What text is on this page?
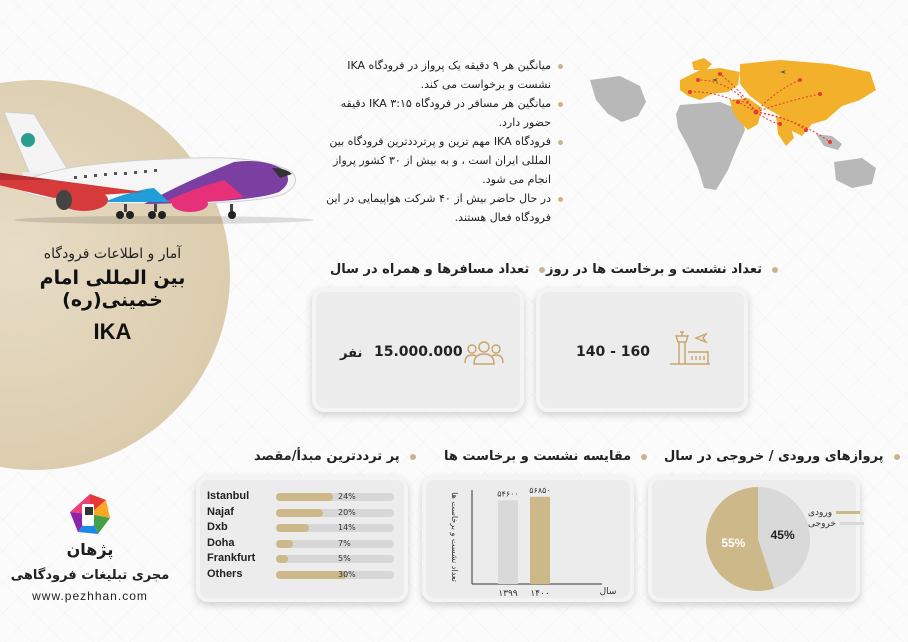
آمار و اطلاعات فرودگاه
بین المللی امام خمینی(ره)
IKA
میانگین هر ۹ دقیقه یک پرواز در فرودگاه IKA نشست و برخواست می کند.
میانگین هر مسافر در فرودگاه IKA ۳:۱۵ دقیقه حضور دارد.
فرودگاه IKA مهم ترین و پرترددترین فرودگاه بین المللی ایران است ، و به بیش از ۳۰ کشور پرواز انجام می شود.
در حال حاضر بیش از ۴۰ شرکت هواپیمایی در این فرودگاه فعال هستند.
تعداد نشست و برخاست ها در روز
140 - 160
تعداد مسافرها و همراه در سال
نفر 15.000.000
پروازهای ورودی / خروجی در سال
45%
55%
ورودی
خروجی
مقایسه نشست و برخاست ها
تعداد نشست و برخاست ها
سال
۵۴۶۰۰
۱۳۹۹
۵۶۸۵۰
۱۴۰۰
پر ترددترین مبدأ/مقصد
Istanbul	24%
Najaf	20%
Dxb	14%
Doha	7%
Frankfurt	5%
Others	30%
پژهان
مجری تبلیغات فرودگاهی
www.pezhhan.com
